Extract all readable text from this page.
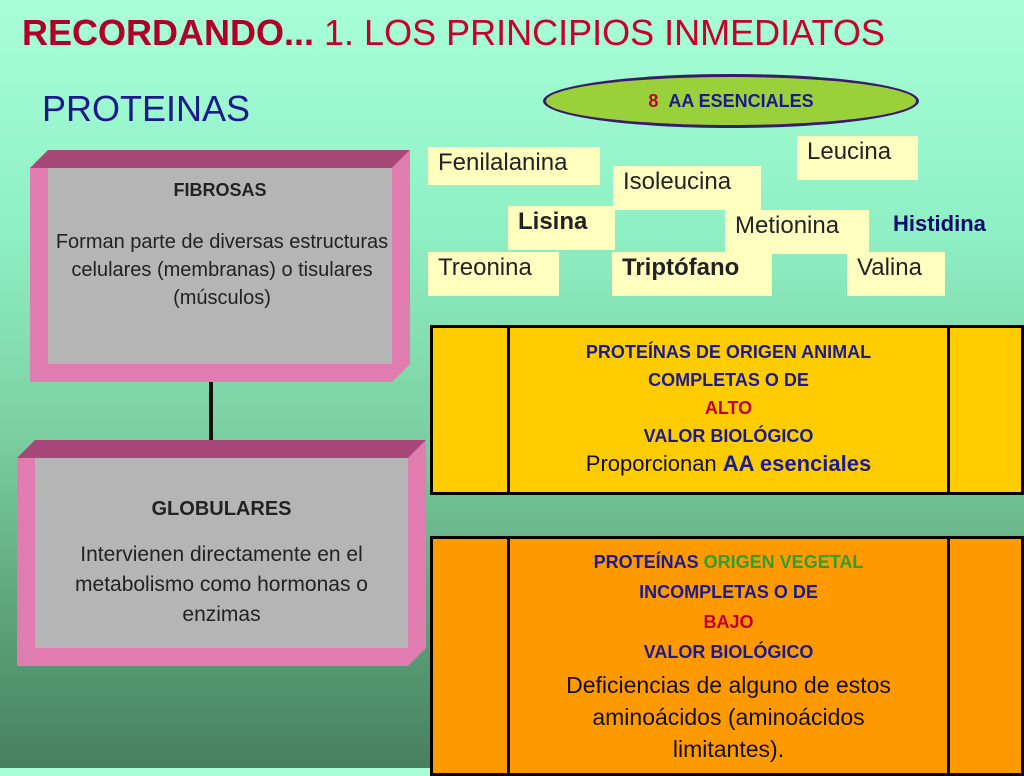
RECORDANDO... 1. LOS PRINCIPIOS INMEDIATOS
PROTEINAS	8 AA ESENCIALES
Fenilalanina	Leucina
Isoleucina
Lisina	Metionina	Histidina
Treonina	Triptófano	Valina
FIBROSAS
Forman parte de diversas estructuras celulares (membranas) o tisulares (músculos)
GLOBULARES
Intervienen directamente en el metabolismo como hormonas o enzimas
PROTEÍNAS DE ORIGEN ANIMAL
COMPLETAS O DE
ALTO
VALOR BIOLÓGICO
Proporcionan AA esenciales
PROTEÍNAS ORIGEN VEGETAL
INCOMPLETAS O DE
BAJO
VALOR BIOLÓGICO
Deficiencias de alguno de estos aminoácidos (aminoácidos limitantes).
